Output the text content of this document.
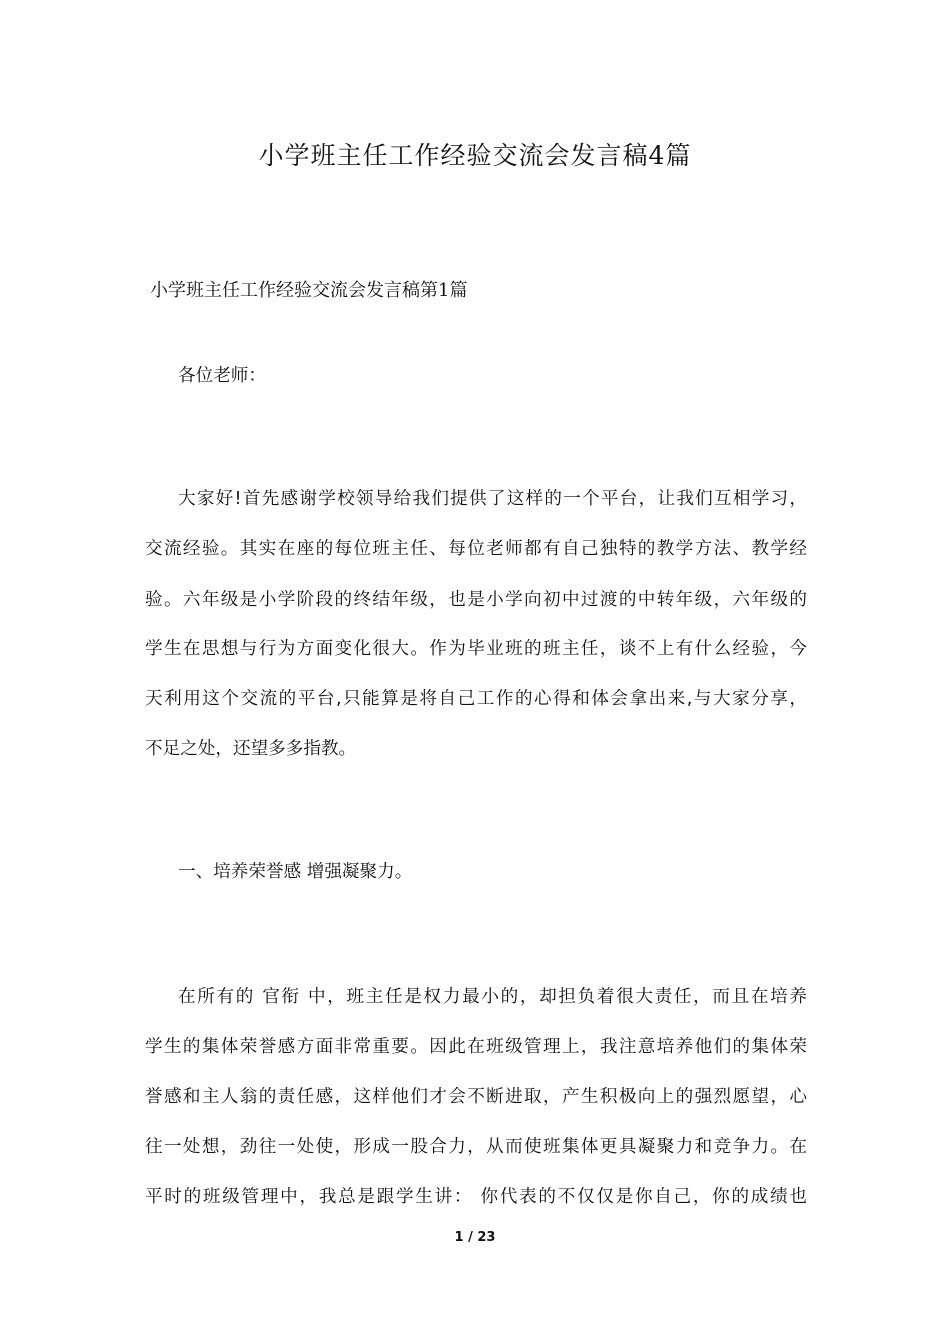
小学班主任工作经验交流会发言稿4篇
小学班主任工作经验交流会发言稿第1篇
各位老师：
大家好!首先感谢学校领导给我们提供了这样的一个平台，让我们互相学习，
交流经验。其实在座的每位班主任、每位老师都有自己独特的教学方法、教学经
验。六年级是小学阶段的终结年级，也是小学向初中过渡的中转年级，六年级的
学生在思想与行为方面变化很大。作为毕业班的班主任，谈不上有什么经验，今
天利用这个交流的平台,只能算是将自己工作的心得和体会拿出来,与大家分享，
不足之处，还望多多指教。
一、培养荣誉感 增强凝聚力。
在所有的 官衔 中，班主任是权力最小的，却担负着很大责任，而且在培养
学生的集体荣誉感方面非常重要。因此在班级管理上，我注意培养他们的集体荣
誉感和主人翁的责任感，这样他们才会不断进取，产生积极向上的强烈愿望，心
往一处想，劲往一处使，形成一股合力，从而使班集体更具凝聚力和竞争力。在
平时的班级管理中，我总是跟学生讲： 你代表的不仅仅是你自己，你的成绩也
1 / 23
